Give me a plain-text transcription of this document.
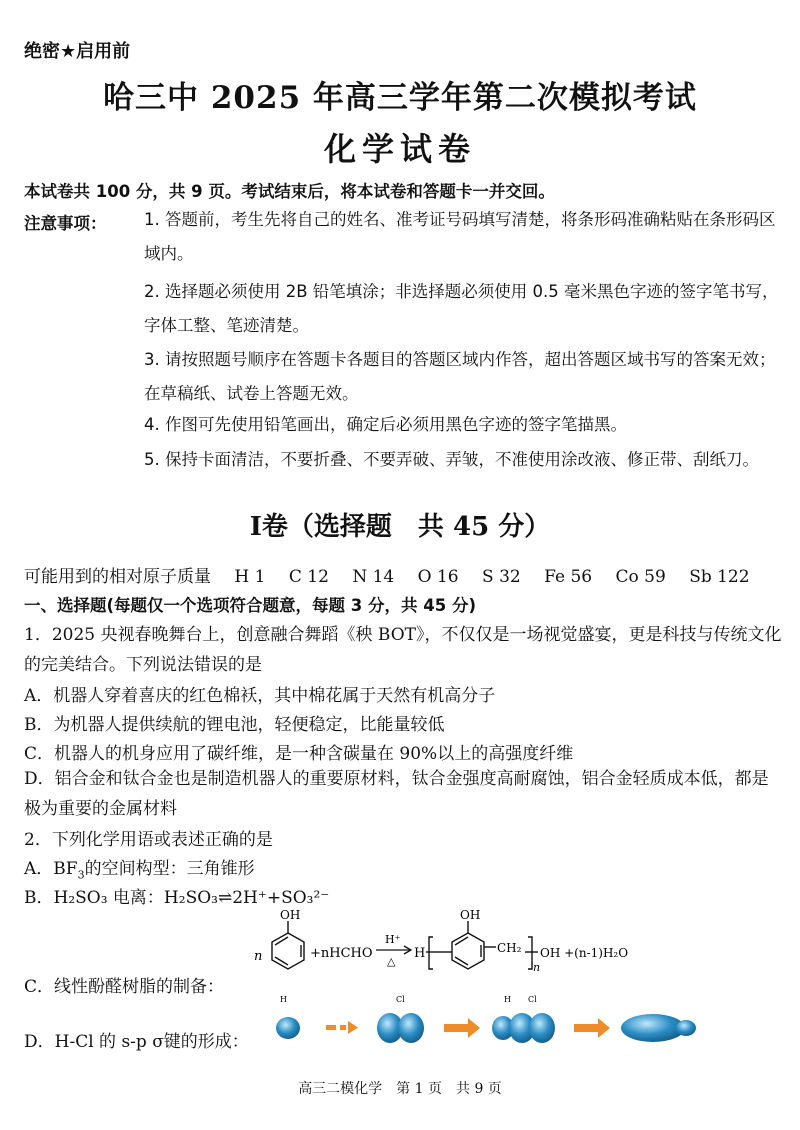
绝密★启用前
哈三中 2025 年高三学年第二次模拟考试
化学试卷
本试卷共 100 分，共 9 页。考试结束后，将本试卷和答题卡一并交回。
注意事项： 1. 答题前，考生先将自己的姓名、准考证号码填写清楚，将条形码准确粘贴在条形码区域内。
2. 选择题必须使用 2B 铅笔填涂；非选择题必须使用 0.5 毫米黑色字迹的签字笔书写，字体工整、笔迹清楚。
3. 请按照题号顺序在答题卡各题目的答题区域内作答，超出答题区域书写的答案无效；在草稿纸、试卷上答题无效。
4. 作图可先使用铅笔画出，确定后必须用黑色字迹的签字笔描黑。
5. 保持卡面清洁，不要折叠、不要弄破、弄皱，不准使用涂改液、修正带、刮纸刀。
I卷（选择题　共 45 分）
可能用到的相对原子质量 H 1 C 12 N 14 O 16 S 32 Fe 56 Co 59 Sb 122
一、选择题(每题仅一个选项符合题意，每题 3 分，共 45 分)
1．2025 央视春晚舞台上，创意融合舞蹈《秧 BOT》，不仅仅是一场视觉盛宴，更是科技与传统文化的完美结合。下列说法错误的是
A．机器人穿着喜庆的红色棉袄，其中棉花属于天然有机高分子
B．为机器人提供续航的锂电池，轻便稳定，比能量较低
C．机器人的机身应用了碳纤维，是一种含碳量在 90%以上的高强度纤维
D．铝合金和钛合金也是制造机器人的重要原材料，钛合金强度高耐腐蚀，铝合金轻质成本低，都是极为重要的金属材料
2．下列化学用语或表述正确的是
A．$BF_3$的空间构型：三角锥形
B．H₂SO₃ 电离：H₂SO₃⇌2H⁺+SO₃²⁻
C．线性酚醛树脂的制备：
n
OH
+nHCHO
H⁺
△
H
OH
CH₂
n
OH +(n-1)H₂O
D．H-Cl 的 s-p σ键的形成：
H	Cl	H Cl
高三二模化学　第 1 页　共 9 页
